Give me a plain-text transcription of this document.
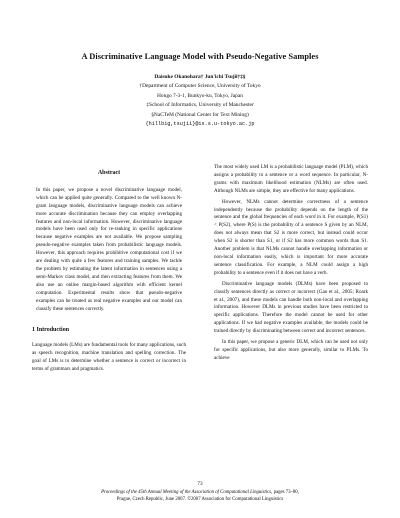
A Discriminative Language Model with Pseudo-Negative Samples
Daisuke Okanohara† Jun'ichi Tsujii†‡§
†Department of Computer Science, University of Tokyo
Hongo 7-3-1, Bunkyo-ku, Tokyo, Japan
‡School of Informatics, University of Manchester
§NaCTeM (National Center for Text Mining)
{hillbig,tsujii}@is.s.u-tokyo.ac.jp
Abstract

In this paper, we propose a novel discriminative language model, which can be applied quite generally. Compared to the well known N-gram language models, discriminative language models can achieve more accurate discrimination because they can employ overlapping features and non-local information. However, discriminative language models have been used only for re-ranking in specific applications because negative examples are not available. We propose sampling pseudo-negative examples taken from probabilistic language models. However, this approach requires prohibitive computational cost if we are dealing with quite a few features and training samples. We tackle the problem by estimating the latent information in sentences using a semi-Markov class model, and then extracting features from them. We also use an online margin-based algorithm with efficient kernel computation. Experimental results show that pseudo-negative examples can be treated as real negative examples and our model can classify these sentences correctly.

1 Introduction

Language models (LMs) are fundamental tools for many applications, such as speech recognition, machine translation and spelling correction. The goal of LMs is to determine whether a sentence is correct or incorrect in terms of grammars and pragmatics.

The most widely used LM is a probabilistic language model (PLM), which assigns a probability to a sentence or a word sequence. In particular, N-grams with maximum likelihood estimation (NLMs) are often used. Although NLMs are simple, they are effective for many applications.

However, NLMs cannot determine correctness of a sentence independently because the probability depends on the length of the sentence and the global frequencies of each word in it. For example, P(S1) < P(S2), where P(S) is the probability of a sentence S given by an NLM, does not always mean that S2 is more correct, but instead could occur when S2 is shorter than S1, or if S2 has more common words than S1. Another problem is that NLMs cannot handle overlapping information or non-local information easily, which is important for more accurate sentence classification. For example, a NLM could assign a high probability to a sentence even if it does not have a verb.

Discriminative language models (DLMs) have been proposed to classify sentences directly as correct or incorrect (Gao et al., 2005; Roark et al., 2007), and these models can handle both non-local and overlapping information. However DLMs in previous studies have been restricted to specific applications. Therefore the model cannot be used for other applications. If we had negative examples available, the models could be trained directly by discriminating between correct and incorrect sentences.

In this paper, we propose a generic DLM, which can be used not only for specific applications, but also more generally, similar to PLMs. To achieve

73
Proceedings of the 45th Annual Meeting of the Association of Computational Linguistics, pages 73–80,
Prague, Czech Republic, June 2007. ©2007 Association for Computational Linguistics
